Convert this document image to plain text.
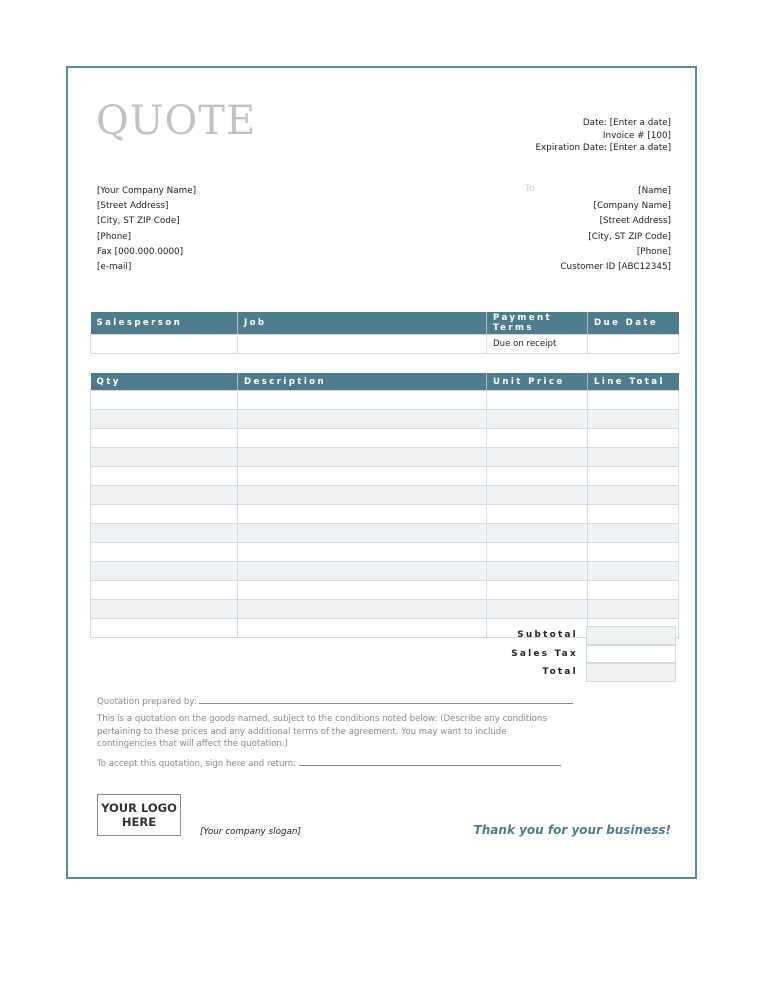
QUOTE	Date: [Enter a date]
Invoice # [100]
Expiration Date: [Enter a date]
[Your Company Name]
[Street Address]
[City, ST ZIP Code]
[Phone]
Fax [000.000.0000]
[e-mail]
To	[Name]
[Company Name]
[Street Address]
[City, ST ZIP Code]
[Phone]
Customer ID [ABC12345]
Salesperson	Job	Payment Terms	Due Date
		Due on receipt	
Qty	Description	Unit Price	Line Total

Subtotal
Sales Tax
Total
Quotation prepared by:
This is a quotation on the goods named, subject to the conditions noted below: (Describe any conditions pertaining to these prices and any additional terms of the agreement. You may want to include contingencies that will affect the quotation.)
To accept this quotation, sign here and return:
YOUR LOGO
HERE
[Your company slogan]	Thank you for your business!
